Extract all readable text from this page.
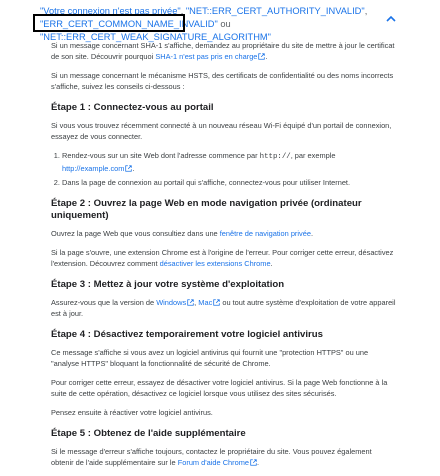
"Votre connexion n'est pas privée", "NET::ERR_CERT_AUTHORITY_INVALID",
"ERR_CERT_COMMON_NAME_INVALID" ou "NET::ERR_CERT_WEAK_SIGNATURE_ALGORITHM"

Si un message concernant SHA-1 s'affiche, demandez au propriétaire du site de mettre à jour le certificat de son site. Découvrir pourquoi SHA-1 n'est pas pris en charge .

Si un message concernant le mécanisme HSTS, des certificats de confidentialité ou des noms incorrects s'affiche, suivez les conseils ci-dessous :

Étape 1 : Connectez-vous au portail

Si vous vous trouvez récemment connecté à un nouveau réseau Wi-Fi équipé d'un portail de connexion, essayez de vous connecter.

1. Rendez-vous sur un site Web dont l'adresse commence par http://, par exemple http://example.com .
2. Dans la page de connexion au portail qui s'affiche, connectez-vous pour utiliser Internet.
Étape 2 : Ouvrez la page Web en mode navigation privée (ordinateur uniquement)

Ouvrez la page Web que vous consultiez dans une fenêtre de navigation privée.

Si la page s'ouvre, une extension Chrome est à l'origine de l'erreur. Pour corriger cette erreur, désactivez l'extension. Découvrez comment désactiver les extensions Chrome.

Étape 3 : Mettez à jour votre système d'exploitation

Assurez-vous que la version de Windows , Mac ou tout autre système d'exploitation de votre appareil est à jour.

Étape 4 : Désactivez temporairement votre logiciel antivirus

Ce message s'affiche si vous avez un logiciel antivirus qui fournit une "protection HTTPS" ou une "analyse HTTPS" bloquant la fonctionnalité de sécurité de Chrome.

Pour corriger cette erreur, essayez de désactiver votre logiciel antivirus. Si la page Web fonctionne à la suite de cette opération, désactivez ce logiciel lorsque vous utilisez des sites sécurisés.

Pensez ensuite à réactiver votre logiciel antivirus.

Étape 5 : Obtenez de l'aide supplémentaire

Si le message d'erreur s'affiche toujours, contactez le propriétaire du site. Vous pouvez également obtenir de l'aide supplémentaire sur le Forum d'aide Chrome .
